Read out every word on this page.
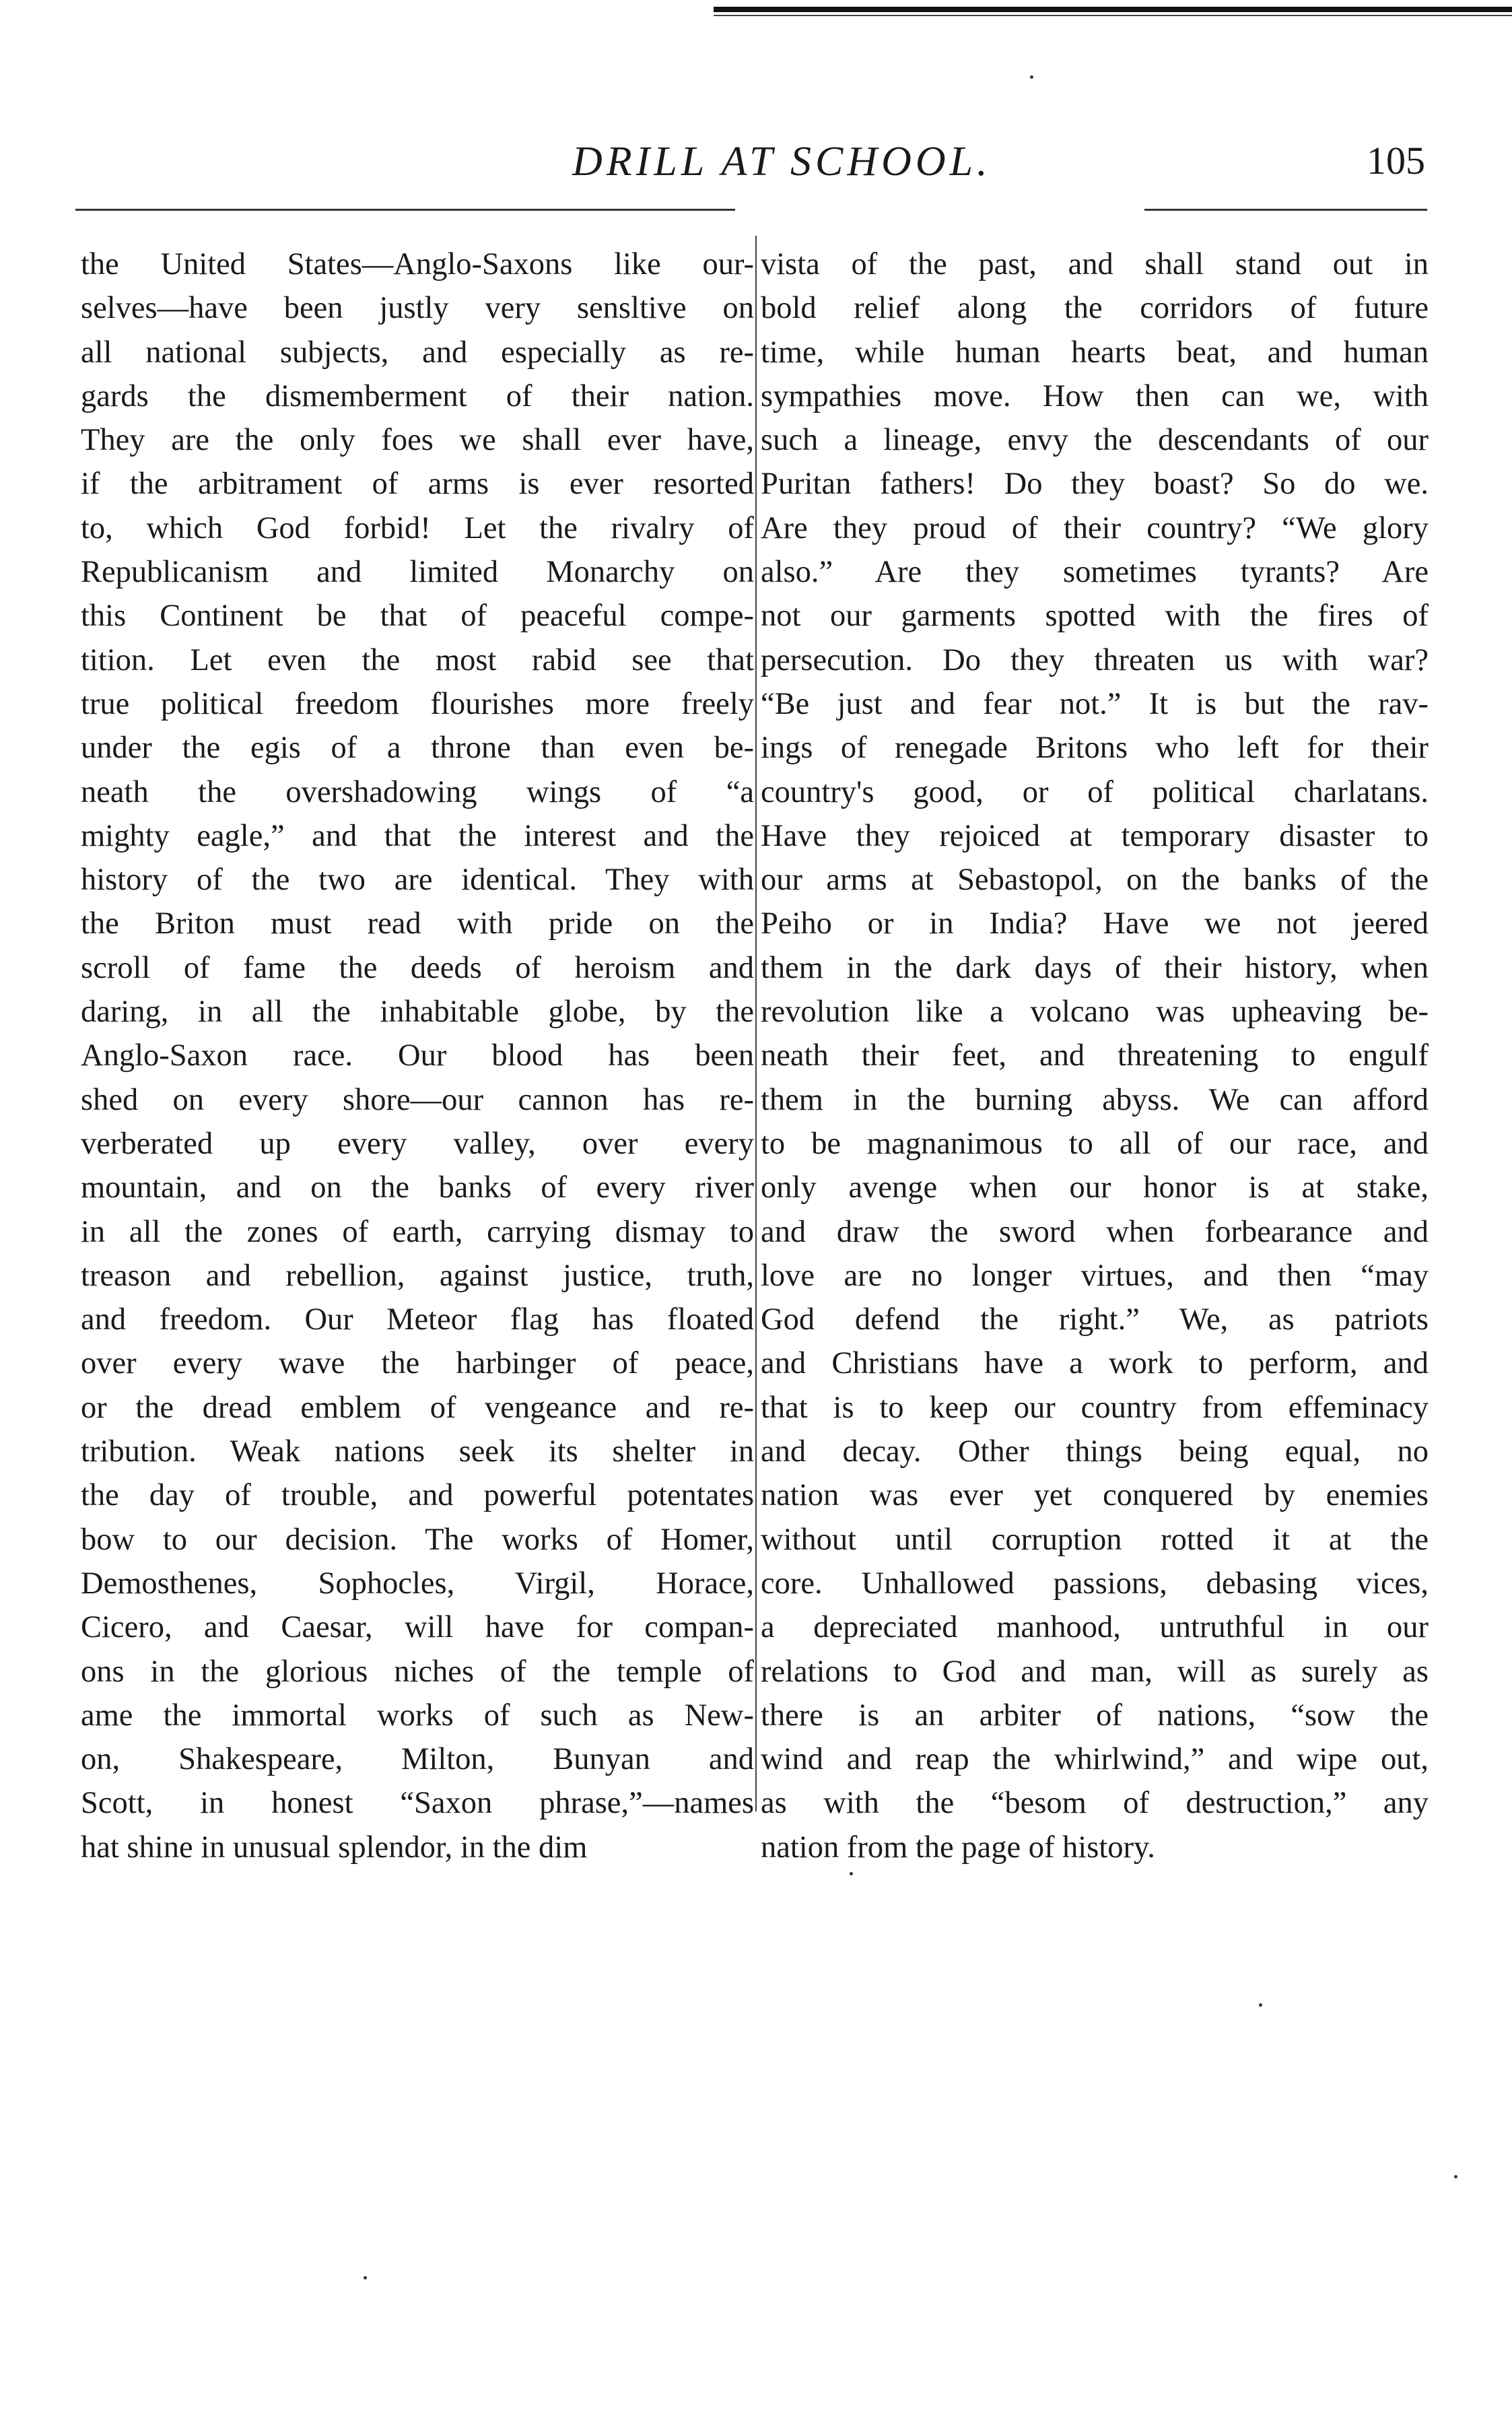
DRILL AT SCHOOL.	105
the United States—Anglo-Saxons like our-
selves—have been justly very sensltive on
all national subjects, and especially as re-
gards the dismemberment of their nation.
They are the only foes we shall ever have,
if the arbitrament of arms is ever resorted
to, which God forbid! Let the rivalry of
Republicanism and limited Monarchy on
this Continent be that of peaceful compe-
tition. Let even the most rabid see that
true political freedom flourishes more freely
under the egis of a throne than even be-
neath the overshadowing wings of “a
mighty eagle,” and that the interest and the
history of the two are identical. They with
the Briton must read with pride on the
scroll of fame the deeds of heroism and
daring, in all the inhabitable globe, by the
Anglo-Saxon race. Our blood has been
shed on every shore—our cannon has re-
verberated up every valley, over every
mountain, and on the banks of every river
in all the zones of earth, carrying dismay to
treason and rebellion, against justice, truth,
and freedom. Our Meteor flag has floated
over every wave the harbinger of peace,
or the dread emblem of vengeance and re-
tribution. Weak nations seek its shelter in
the day of trouble, and powerful potentates
bow to our decision. The works of Homer,
Demosthenes, Sophocles, Virgil, Horace,
Cicero, and Caesar, will have for compan-
ons in the glorious niches of the temple of
ame the immortal works of such as New-
on, Shakespeare, Milton, Bunyan and
Scott, in honest “Saxon phrase,”—names
hat shine in unusual splendor, in the dim
vista of the past, and shall stand out in
bold relief along the corridors of future
time, while human hearts beat, and human
sympathies move. How then can we, with
such a lineage, envy the descendants of our
Puritan fathers! Do they boast? So do we.
Are they proud of their country? “We glory
also.” Are they sometimes tyrants? Are
not our garments spotted with the fires of
persecution. Do they threaten us with war?
“Be just and fear not.” It is but the rav-
ings of renegade Britons who left for their
country's good, or of political charlatans.
Have they rejoiced at temporary disaster to
our arms at Sebastopol, on the banks of the
Peiho or in India? Have we not jeered
them in the dark days of their history, when
revolution like a volcano was upheaving be-
neath their feet, and threatening to engulf
them in the burning abyss. We can afford
to be magnanimous to all of our race, and
only avenge when our honor is at stake,
and draw the sword when forbearance and
love are no longer virtues, and then “may
God defend the right.” We, as patriots
and Christians have a work to perform, and
that is to keep our country from effeminacy
and decay. Other things being equal, no
nation was ever yet conquered by enemies
without until corruption rotted it at the
core. Unhallowed passions, debasing vices,
a depreciated manhood, untruthful in our
relations to God and man, will as surely as
there is an arbiter of nations, “sow the
wind and reap the whirlwind,” and wipe out,
as with the “besom of destruction,” any
nation from the page of history.
